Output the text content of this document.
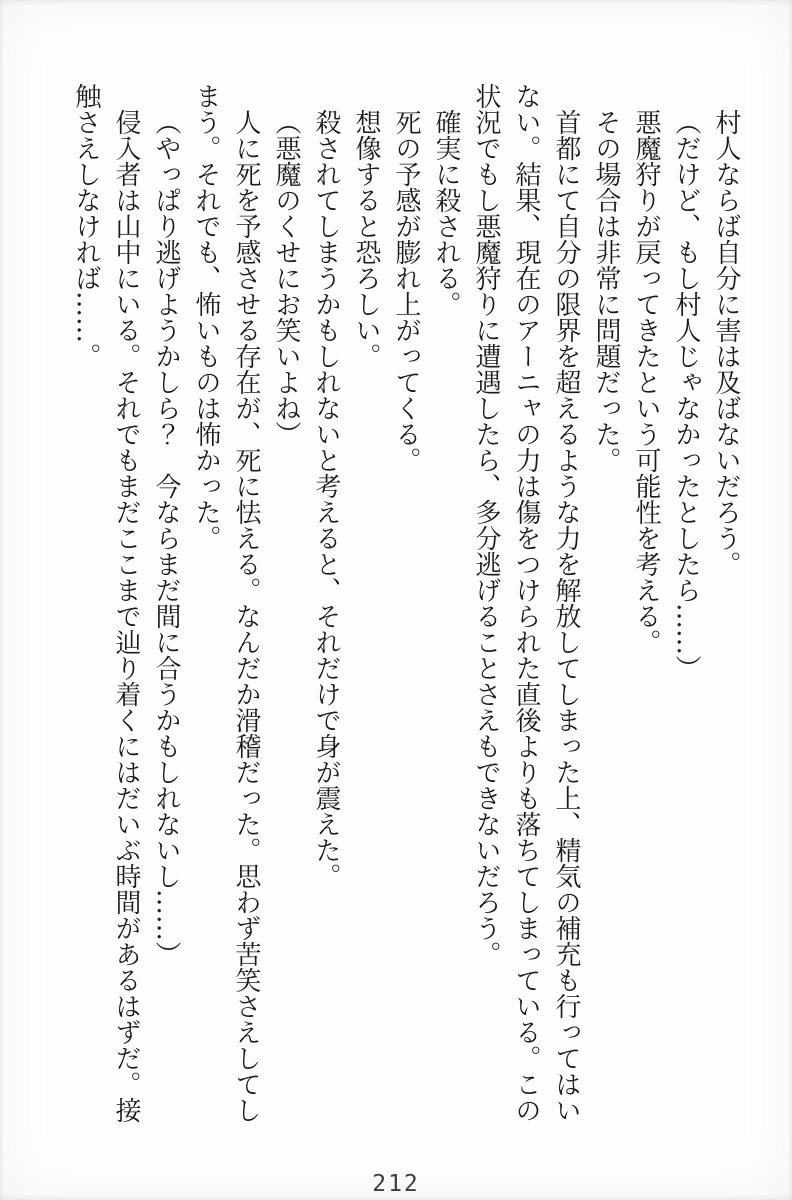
村人ならば自分に害は及ばないだろう。

（だけど、もし村人じゃなかったとしたら……）

悪魔狩りが戻ってきたという可能性を考える。

その場合は非常に問題だった。

首都にて自分の限界を超えるような力を解放してしまった上、精気の補充も行ってはいない。結果、現在のアーニャの力は傷をつけられた直後よりも落ちてしまっている。この状況でもし悪魔狩りに遭遇したら、多分逃げることさえもできないだろう。

確実に殺される。

死の予感が膨れ上がってくる。

想像すると恐ろしい。

殺されてしまうかもしれないと考えると、それだけで身が震えた。

（悪魔のくせにお笑いよね）

人に死を予感させる存在が、死に怯える。なんだか滑稽だった。思わず苦笑さえしてしまう。それでも、怖いものは怖かった。

（やっぱり逃げようかしら？　今ならまだ間に合うかもしれないし……）

侵入者は山中にいる。それでもまだここまで辿り着くにはだいぶ時間があるはずだ。接触さえしなければ……。

212
